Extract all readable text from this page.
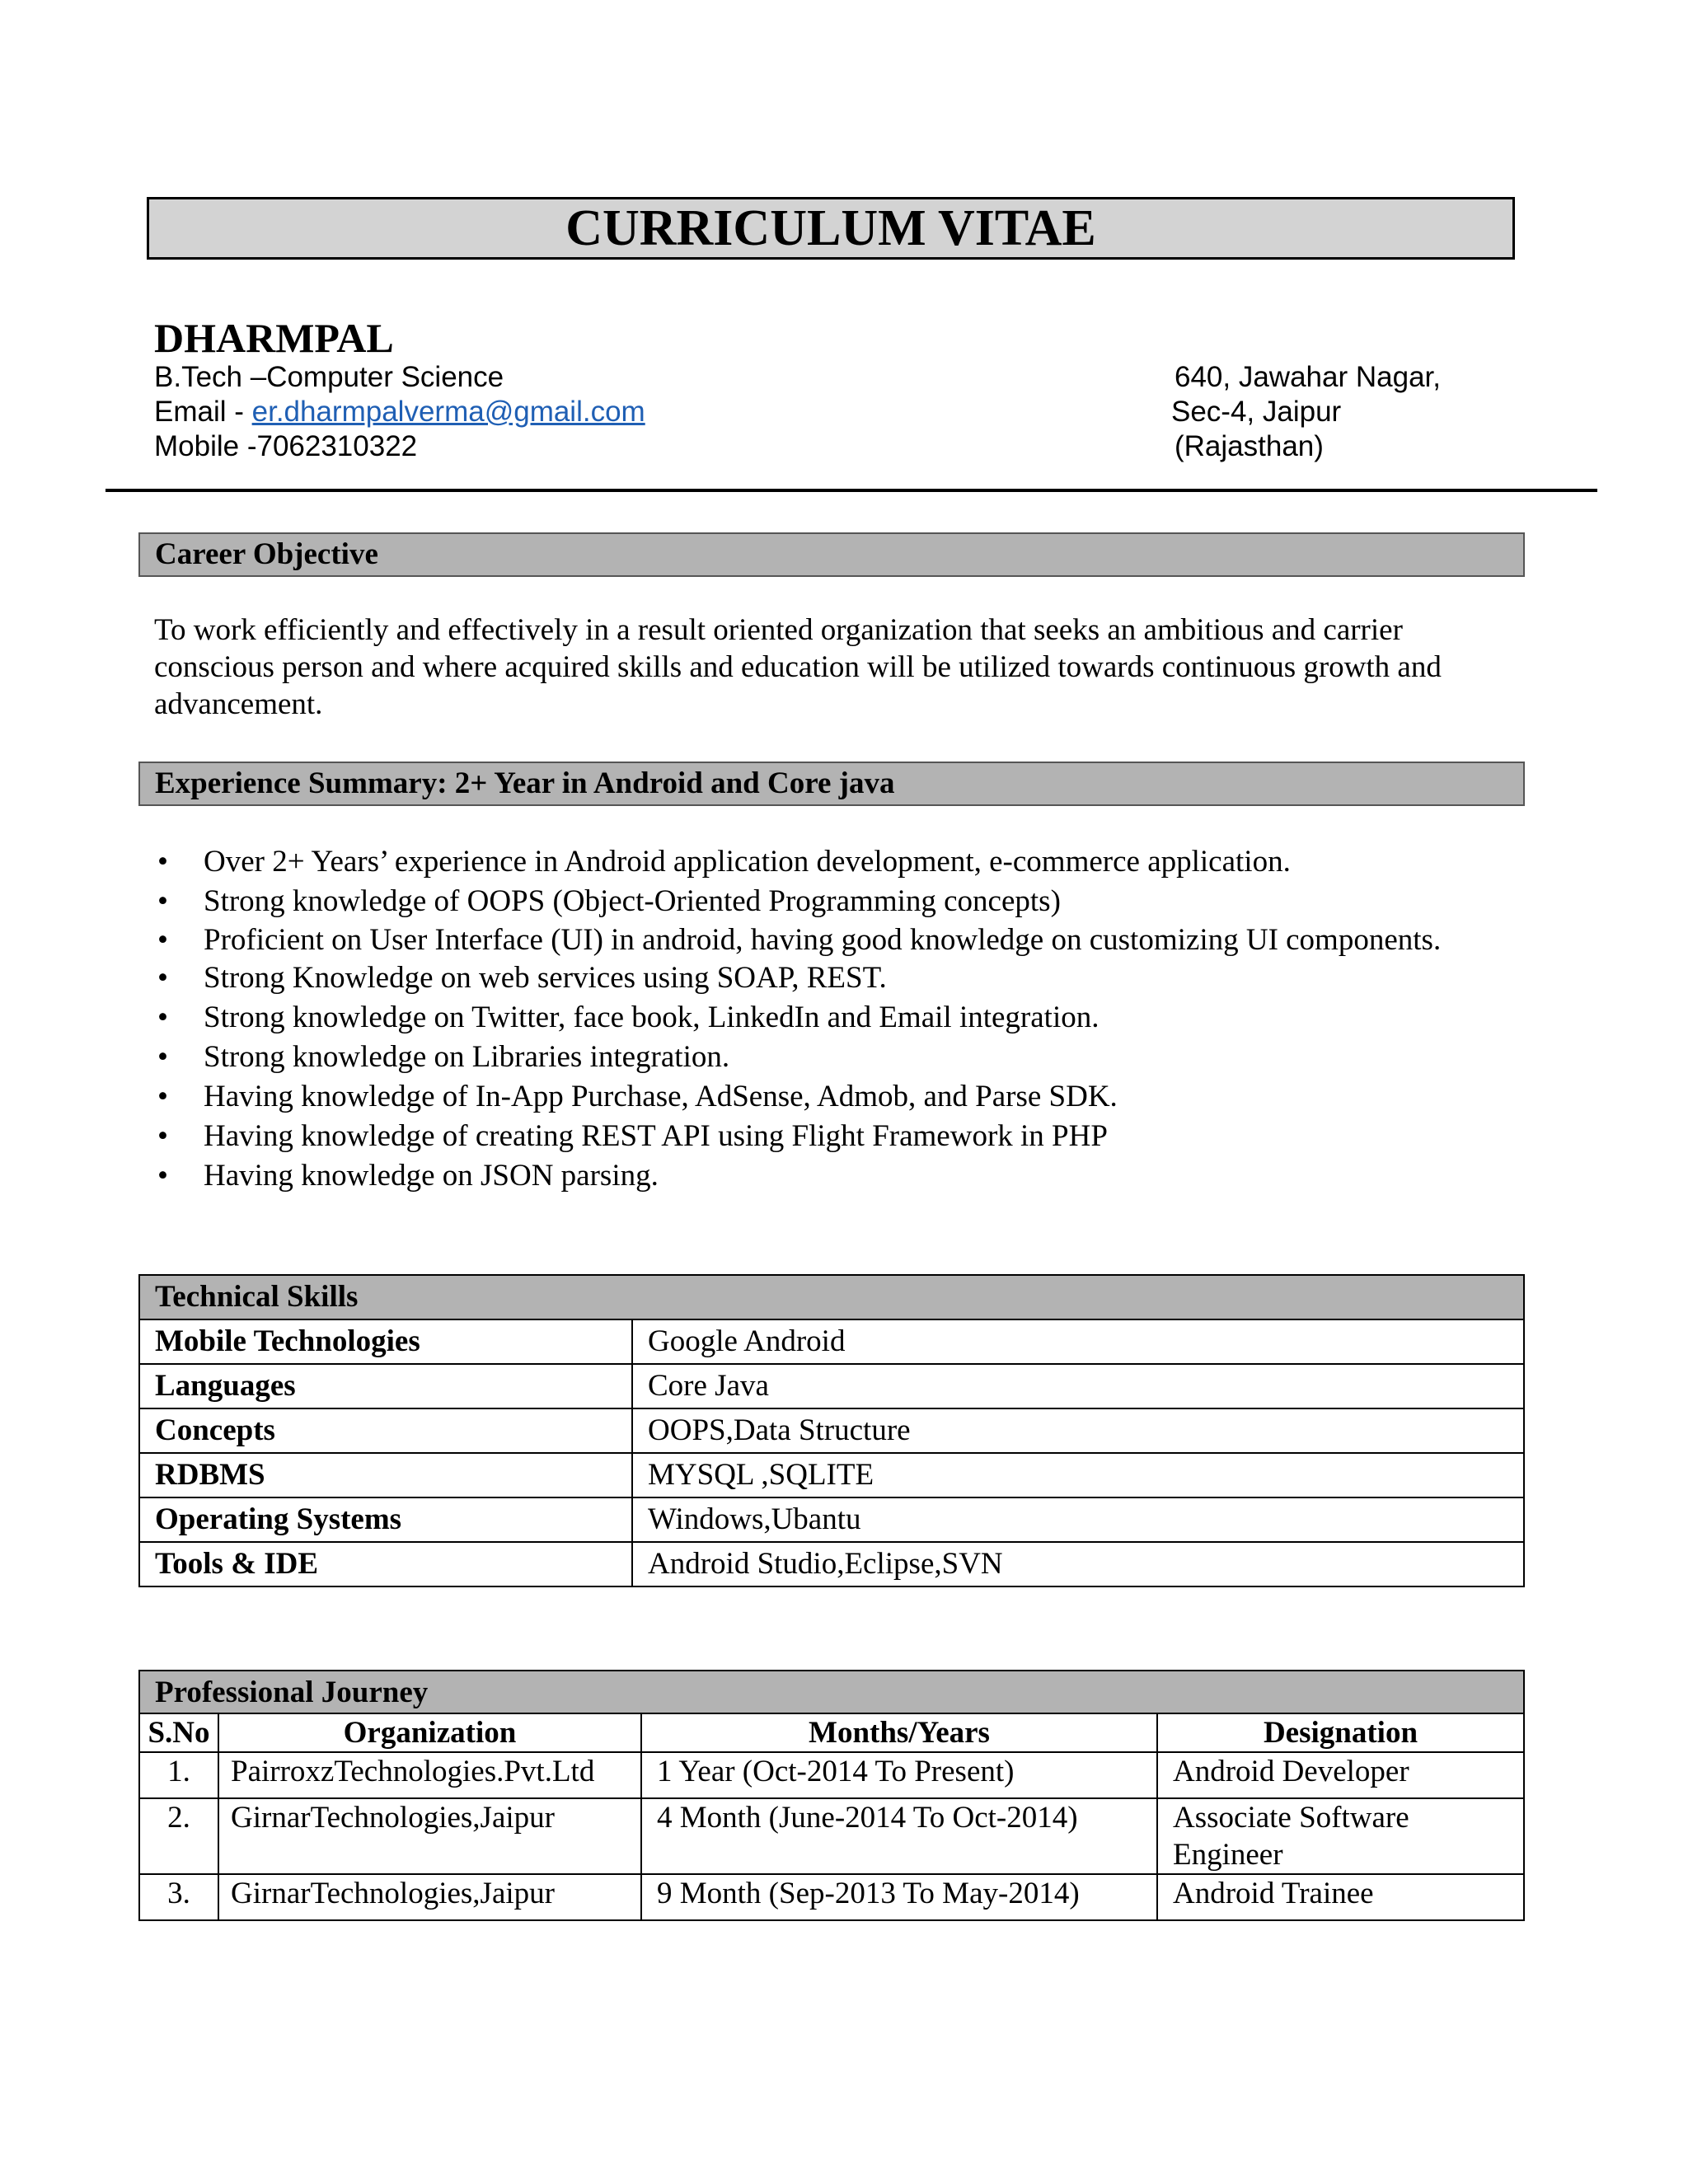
CURRICULUM VITAE
DHARMPAL
B.Tech –Computer Science
Email - er.dharmpalverma@gmail.com
Mobile -7062310322
640, Jawahar Nagar,
Sec-4, Jaipur
(Rajasthan)
Career Objective
To work efficiently and effectively in a result oriented organization that seeks an ambitious and carrier conscious person and where acquired skills and education will be utilized towards continuous growth and advancement.
Experience Summary: 2+ Year in Android and Core java
• Over 2+ Years’ experience in Android application development, e-commerce application.
• Strong knowledge of OOPS (Object-Oriented Programming concepts)
• Proficient on User Interface (UI) in android, having good knowledge on customizing UI components.
• Strong Knowledge on web services using SOAP, REST.
• Strong knowledge on Twitter, face book, LinkedIn and Email integration.
• Strong knowledge on Libraries integration.
• Having knowledge of In-App Purchase, AdSense, Admob, and Parse SDK.
• Having knowledge of creating REST API using Flight Framework in PHP
• Having knowledge on JSON parsing.
Technical Skills	
Mobile Technologies	Google Android
Languages	Core Java
Concepts	OOPS,Data Structure
RDBMS	MYSQL ,SQLITE
Operating Systems	Windows,Ubantu
Tools & IDE	Android Studio,Eclipse,SVN
Professional Journey			
S.No	Organization	Months/Years	Designation
1.	PairroxzTechnologies.Pvt.Ltd	1 Year (Oct-2014 To Present)	Android Developer
2.	GirnarTechnologies,Jaipur	4 Month (June-2014 To Oct-2014)	Associate Software Engineer
3.	GirnarTechnologies,Jaipur	9 Month (Sep-2013 To May-2014)	Android Trainee
